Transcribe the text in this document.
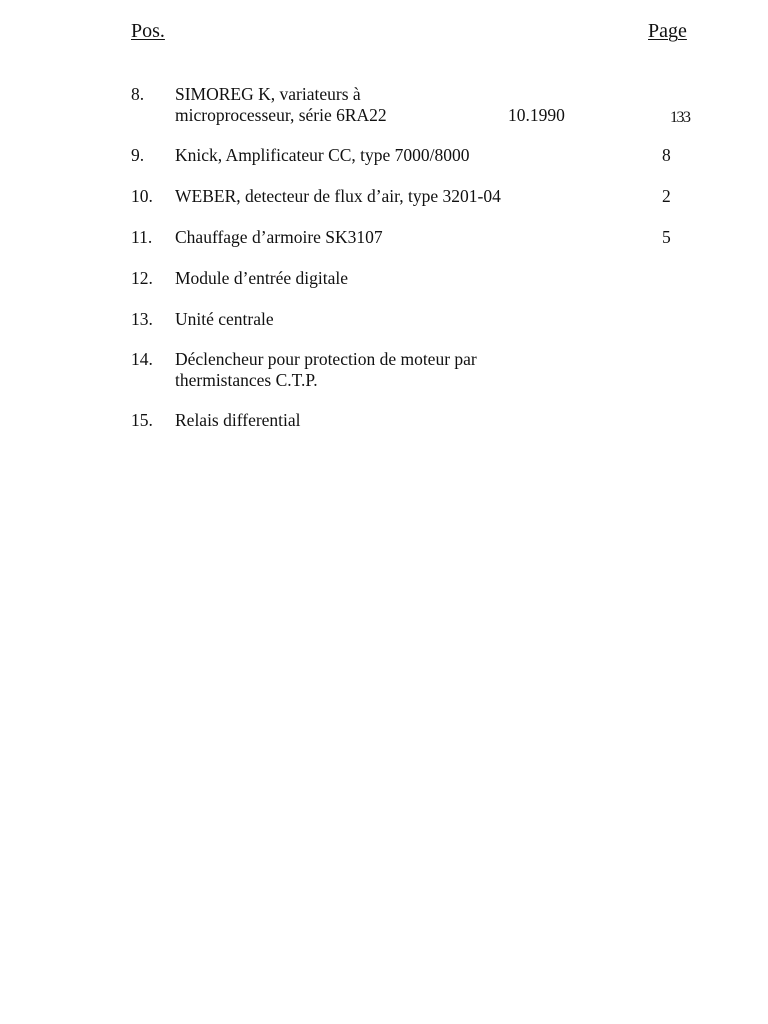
Pos.	Page
8. SIMOREG K, variateurs à
microprocesseur, série 6RA22	10.1990	133
9. Knick, Amplificateur CC, type 7000/8000	8
10. WEBER, detecteur de flux d’air, type 3201-04	2
11. Chauffage d’armoire SK3107	5
12. Module d’entrée digitale
13. Unité centrale
14. Déclencheur pour protection de moteur par
thermistances C.T.P.
15. Relais differential
